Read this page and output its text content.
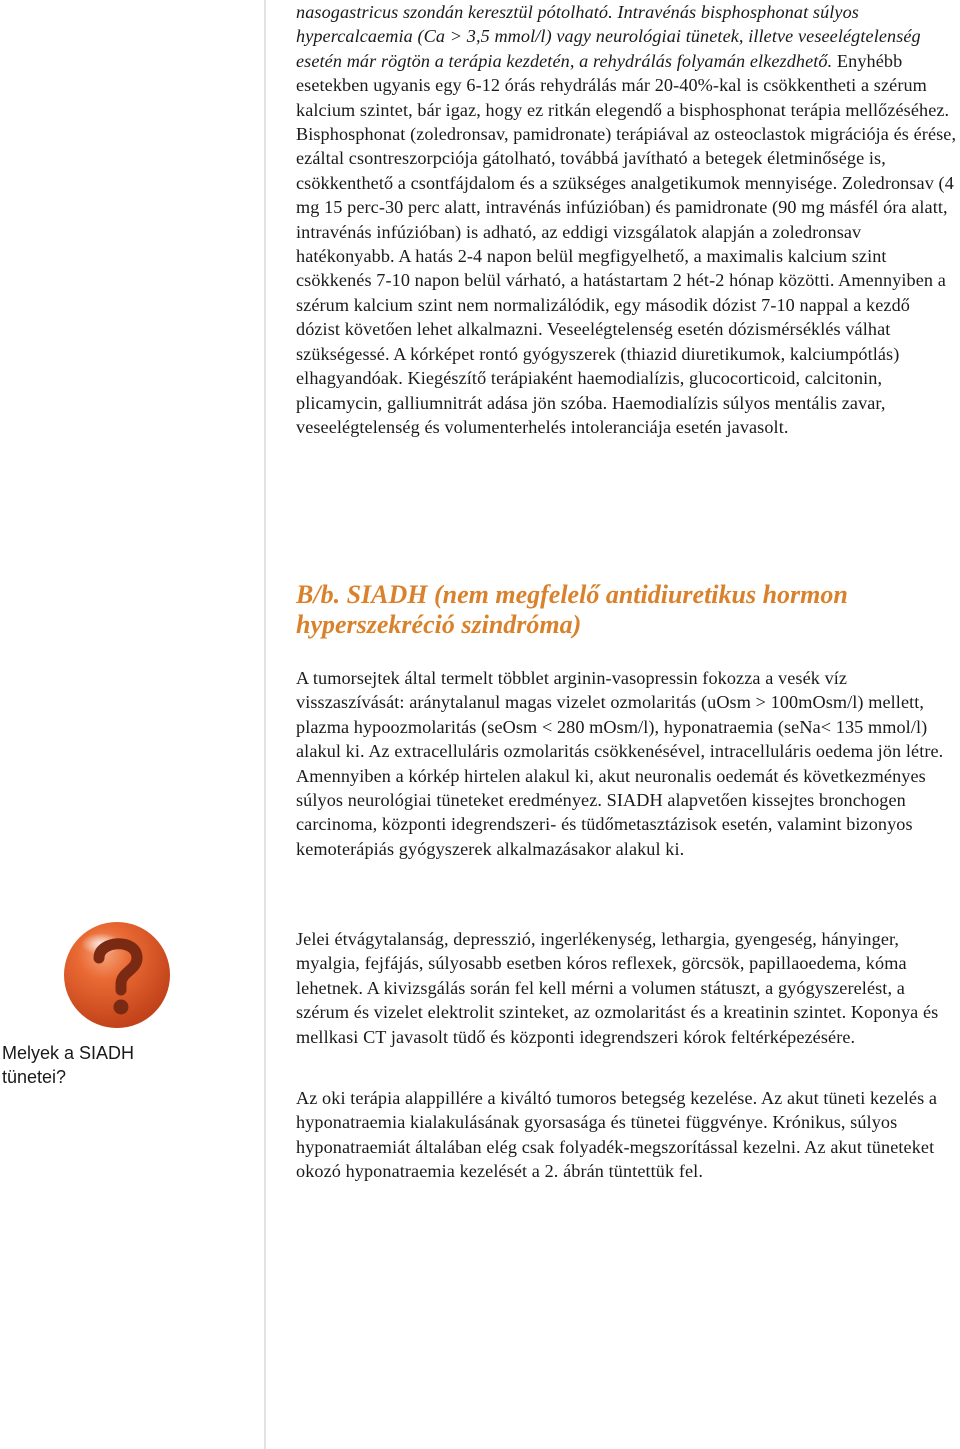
nasogastricus szondán keresztül pótolható. Intravénás bisphosphonat súlyos hypercalcaemia (Ca > 3,5 mmol/l) vagy neurológiai tünetek, illetve veseelégtelenség esetén már rögtön a terápia kezdetén, a rehydrálás folyamán elkezdhető. Enyhébb esetekben ugyanis egy 6-12 órás rehydrálás már 20-40%-kal is csökkentheti a szérum kalcium szintet, bár igaz, hogy ez ritkán elegendő a bisphosphonat terápia mellőzéséhez. Bisphosphonat (zoledronsav, pamidronate) terápiával az osteoclastok migrációja és érése, ezáltal csontreszorpciója gátolható, továbbá javítható a betegek életminősége is, csökkenthető a csontfájdalom és a szükséges analgetikumok mennyisége. Zoledronsav (4 mg 15 perc-30 perc alatt, intravénás infúzióban) és pamidronate (90 mg másfél óra alatt, intravénás infúzióban) is adható, az eddigi vizsgálatok alapján a zoledronsav hatékonyabb. A hatás 2-4 napon belül megfigyelhető, a maximalis kalcium szint csökkenés 7-10 napon belül várható, a hatástartam 2 hét-2 hónap közötti. Amennyiben a szérum kalcium szint nem normalizálódik, egy második dózist 7-10 nappal a kezdő dózist követően lehet alkalmazni. Veseelégtelenség esetén dózismérséklés válhat szükségessé. A kórképet rontó gyógyszerek (thiazid diuretikumok, kalciumpótlás) elhagyandóak. Kiegészítő terápiaként haemodialízis, glucocorticoid, calcitonin, plicamycin, galliumnitrát adása jön szóba. Haemodialízis súlyos mentális zavar, veseelégtelenség és volumenterhelés intoleranciája esetén javasolt.

B/b. SIADH (nem megfelelő antidiuretikus hormon hyperszekréció szindróma)

A tumorsejtek által termelt többlet arginin-vasopressin fokozza a vesék víz visszaszívását: aránytalanul magas vizelet ozmolaritás (uOsm > 100mOsm/l) mellett, plazma hypoozmolaritás (seOsm < 280 mOsm/l), hyponatraemia (seNa< 135 mmol/l) alakul ki. Az extracelluláris ozmolaritás csökkenésével, intracelluláris oedema jön létre. Amennyiben a kórkép hirtelen alakul ki, akut neuronalis oedemát és következményes súlyos neurológiai tüneteket eredményez. SIADH alapvetően kissejtes bronchogen carcinoma, központi idegrendszeri- és tüdőmetasztázisok esetén, valamint bizonyos kemoterápiás gyógyszerek alkalmazásakor alakul ki.

Jelei étvágytalanság, depresszió, ingerlékenység, lethargia, gyengeség, hányinger, myalgia, fejfájás, súlyosabb esetben kóros reflexek, görcsök, papillaoedema, kóma lehetnek. A kivizsgálás során fel kell mérni a volumen státuszt, a gyógyszerelést, a szérum és vizelet elektrolit szinteket, az ozmolaritást és a kreatinin szintet. Koponya és mellkasi CT javasolt tüdő és központi idegrendszeri kórok feltérképezésére.

Az oki terápia alappillére a kiváltó tumoros betegség kezelése. Az akut tüneti kezelés a hyponatraemia kialakulásának gyorsasága és tünetei függvénye. Krónikus, súlyos hyponatraemiát általában elég csak folyadék-megszorítással kezelni. Az akut tüneteket okozó hyponatraemia kezelését a 2. ábrán tüntettük fel.

Melyek a SIADH tünetei?
